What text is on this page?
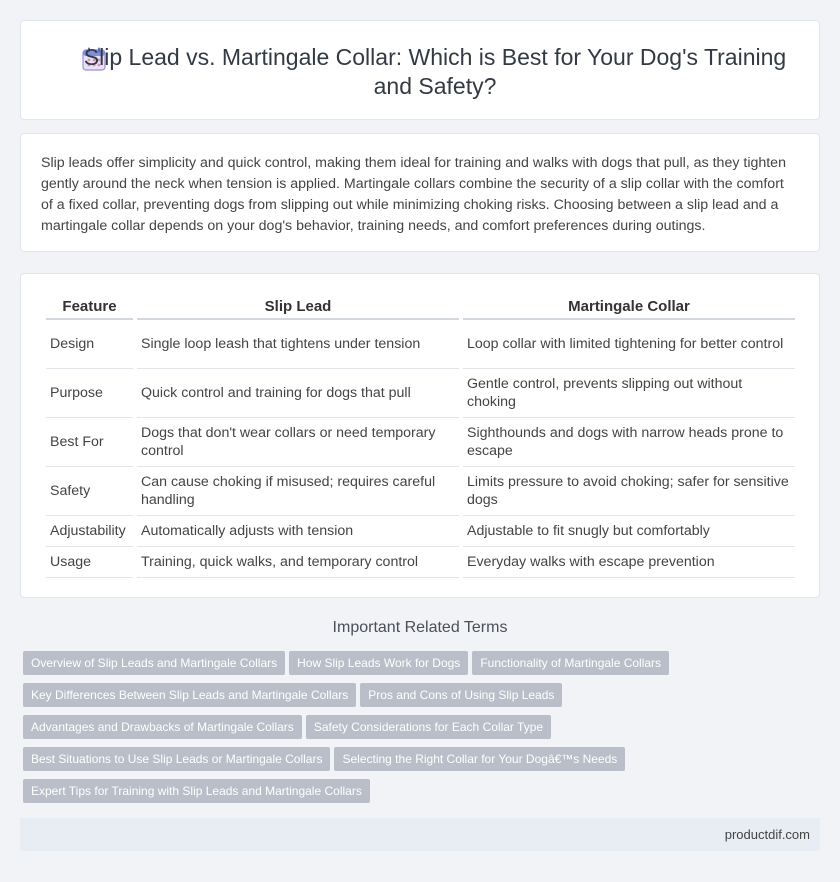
Slip Lead vs. Martingale Collar: Which is Best for Your Dog's Training and Safety?

Slip leads offer simplicity and quick control, making them ideal for training and walks with dogs that pull, as they tighten gently around the neck when tension is applied. Martingale collars combine the security of a slip collar with the comfort of a fixed collar, preventing dogs from slipping out while minimizing choking risks. Choosing between a slip lead and a martingale collar depends on your dog's behavior, training needs, and comfort preferences during outings.

Feature	Slip Lead	Martingale Collar
Design	Single loop leash that tightens under tension	Loop collar with limited tightening for better control
Purpose	Quick control and training for dogs that pull	Gentle control, prevents slipping out without choking
Best For	Dogs that don't wear collars or need temporary control	Sighthounds and dogs with narrow heads prone to escape
Safety	Can cause choking if misused; requires careful handling	Limits pressure to avoid choking; safer for sensitive dogs
Adjustability	Automatically adjusts with tension	Adjustable to fit snugly but comfortably
Usage	Training, quick walks, and temporary control	Everyday walks with escape prevention
Important Related Terms
Overview of Slip Leads and Martingale Collars How Slip Leads Work for Dogs Functionality of Martingale Collars
Key Differences Between Slip Leads and Martingale Collars Pros and Cons of Using Slip Leads
Advantages and Drawbacks of Martingale Collars Safety Considerations for Each Collar Type
Best Situations to Use Slip Leads or Martingale Collars Selecting the Right Collar for Your Dogâ€™s Needs
Expert Tips for Training with Slip Leads and Martingale Collars
productdif.com
